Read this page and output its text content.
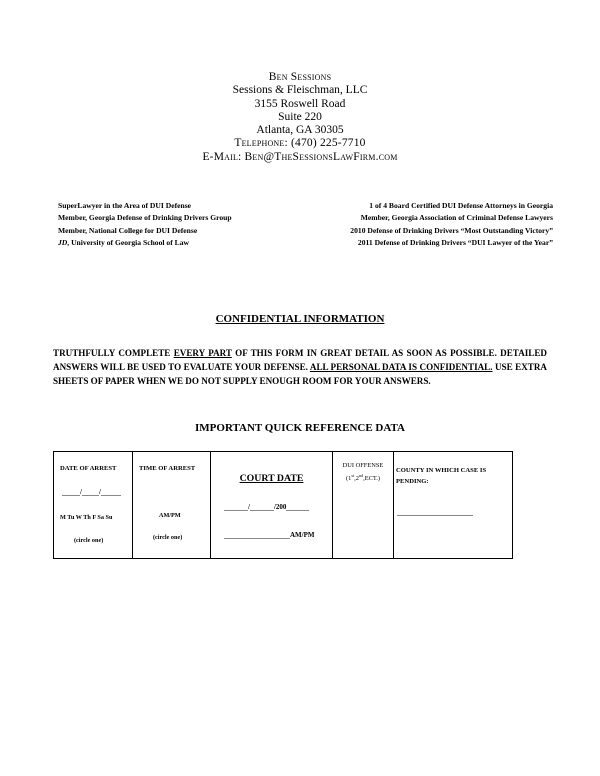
Ben Sessions
Sessions & Fleischman, LLC
3155 Roswell Road
Suite 220
Atlanta, GA 30305
Telephone: (470) 225-7710
E-Mail: Ben@TheSessionsLawFirm.com
SuperLawyer in the Area of DUI Defense
Member, Georgia Defense of Drinking Drivers Group
Member, National College for DUI Defense
JD, University of Georgia School of Law
1 of 4 Board Certified DUI Defense Attorneys in Georgia
Member, Georgia Association of Criminal Defense Lawyers
2010 Defense of Drinking Drivers “Most Outstanding Victory”
2011 Defense of Drinking Drivers “DUI Lawyer of the Year”
CONFIDENTIAL INFORMATION
TRUTHFULLY COMPLETE EVERY PART OF THIS FORM IN GREAT DETAIL AS SOON AS POSSIBLE. DETAILED ANSWERS WILL BE USED TO EVALUATE YOUR DEFENSE. ALL PERSONAL DATA IS CONFIDENTIAL. USE EXTRA SHEETS OF PAPER WHEN WE DO NOT SUPPLY ENOUGH ROOM FOR YOUR ANSWERS.
IMPORTANT QUICK REFERENCE DATA
DATE OF ARREST
/ /
M Tu W Th F Sa Su
(circle one)
TIME OF ARREST
AM/PM
(circle one)
COURT DATE
/	/200
AM/PM
DUI OFFENSE
(1st,2nd,ECT.)
COUNTY IN WHICH CASE IS
PENDING:
